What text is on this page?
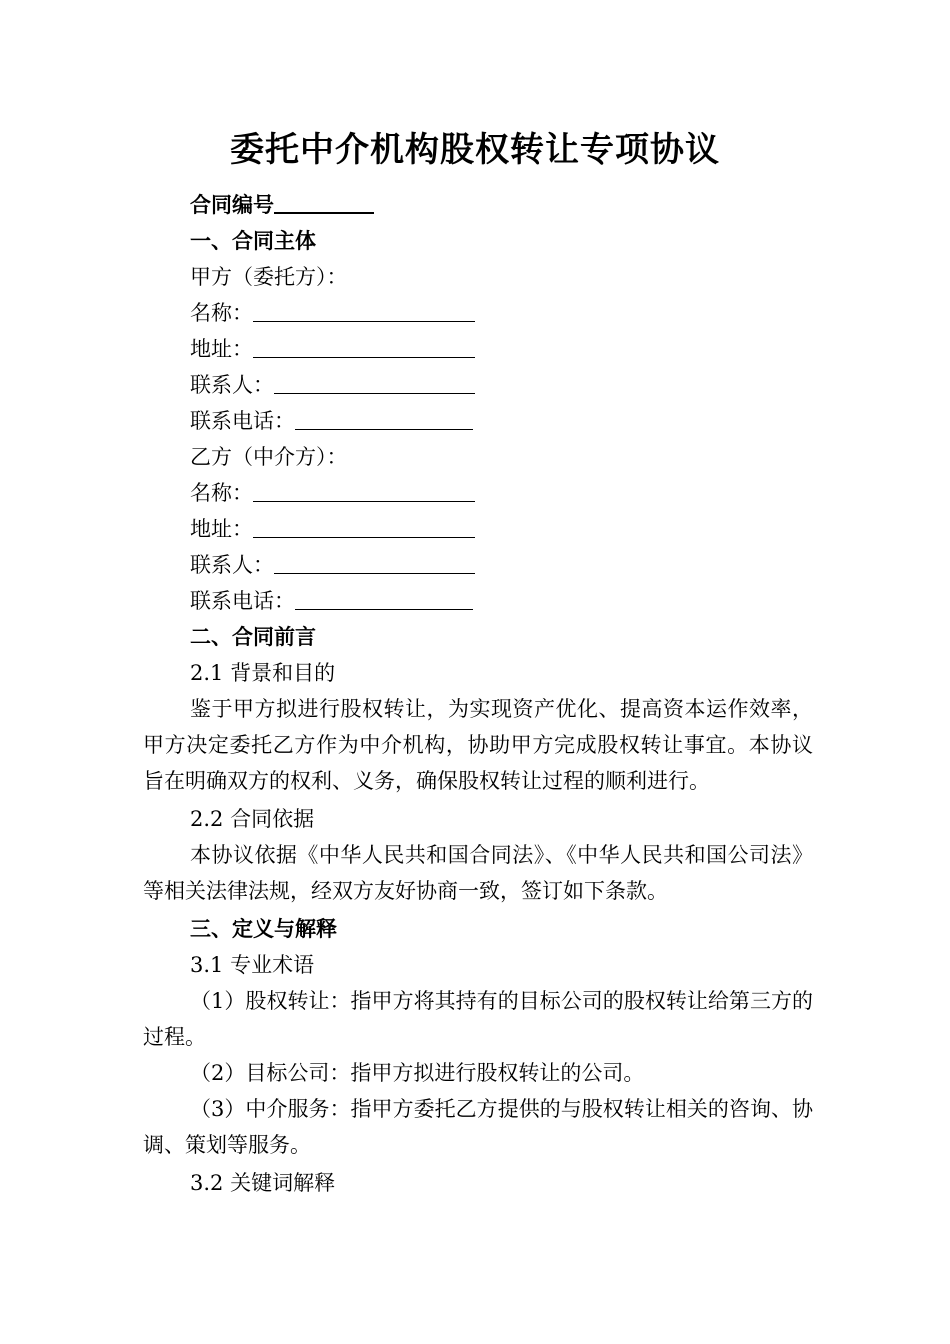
委托中介机构股权转让专项协议
合同编号
一、合同主体
甲方（委托方）：
名称：
地址：
联系人：
联系电话：
乙方（中介方）：
名称：
地址：
联系人：
联系电话：
二、合同前言
2.1 背景和目的

鉴于甲方拟进行股权转让，为实现资产优化、提高资本运作效率，甲方决定委托乙方作为中介机构，协助甲方完成股权转让事宜。本协议旨在明确双方的权利、义务，确保股权转让过程的顺利进行。

2.2 合同依据

本协议依据《中华人民共和国合同法》、《中华人民共和国公司法》等相关法律法规，经双方友好协商一致，签订如下条款。

三、定义与解释
3.1 专业术语

（1）股权转让：指甲方将其持有的目标公司的股权转让给第三方的过程。

（2）目标公司：指甲方拟进行股权转让的公司。

（3）中介服务：指甲方委托乙方提供的与股权转让相关的咨询、协调、策划等服务。

3.2 关键词解释
